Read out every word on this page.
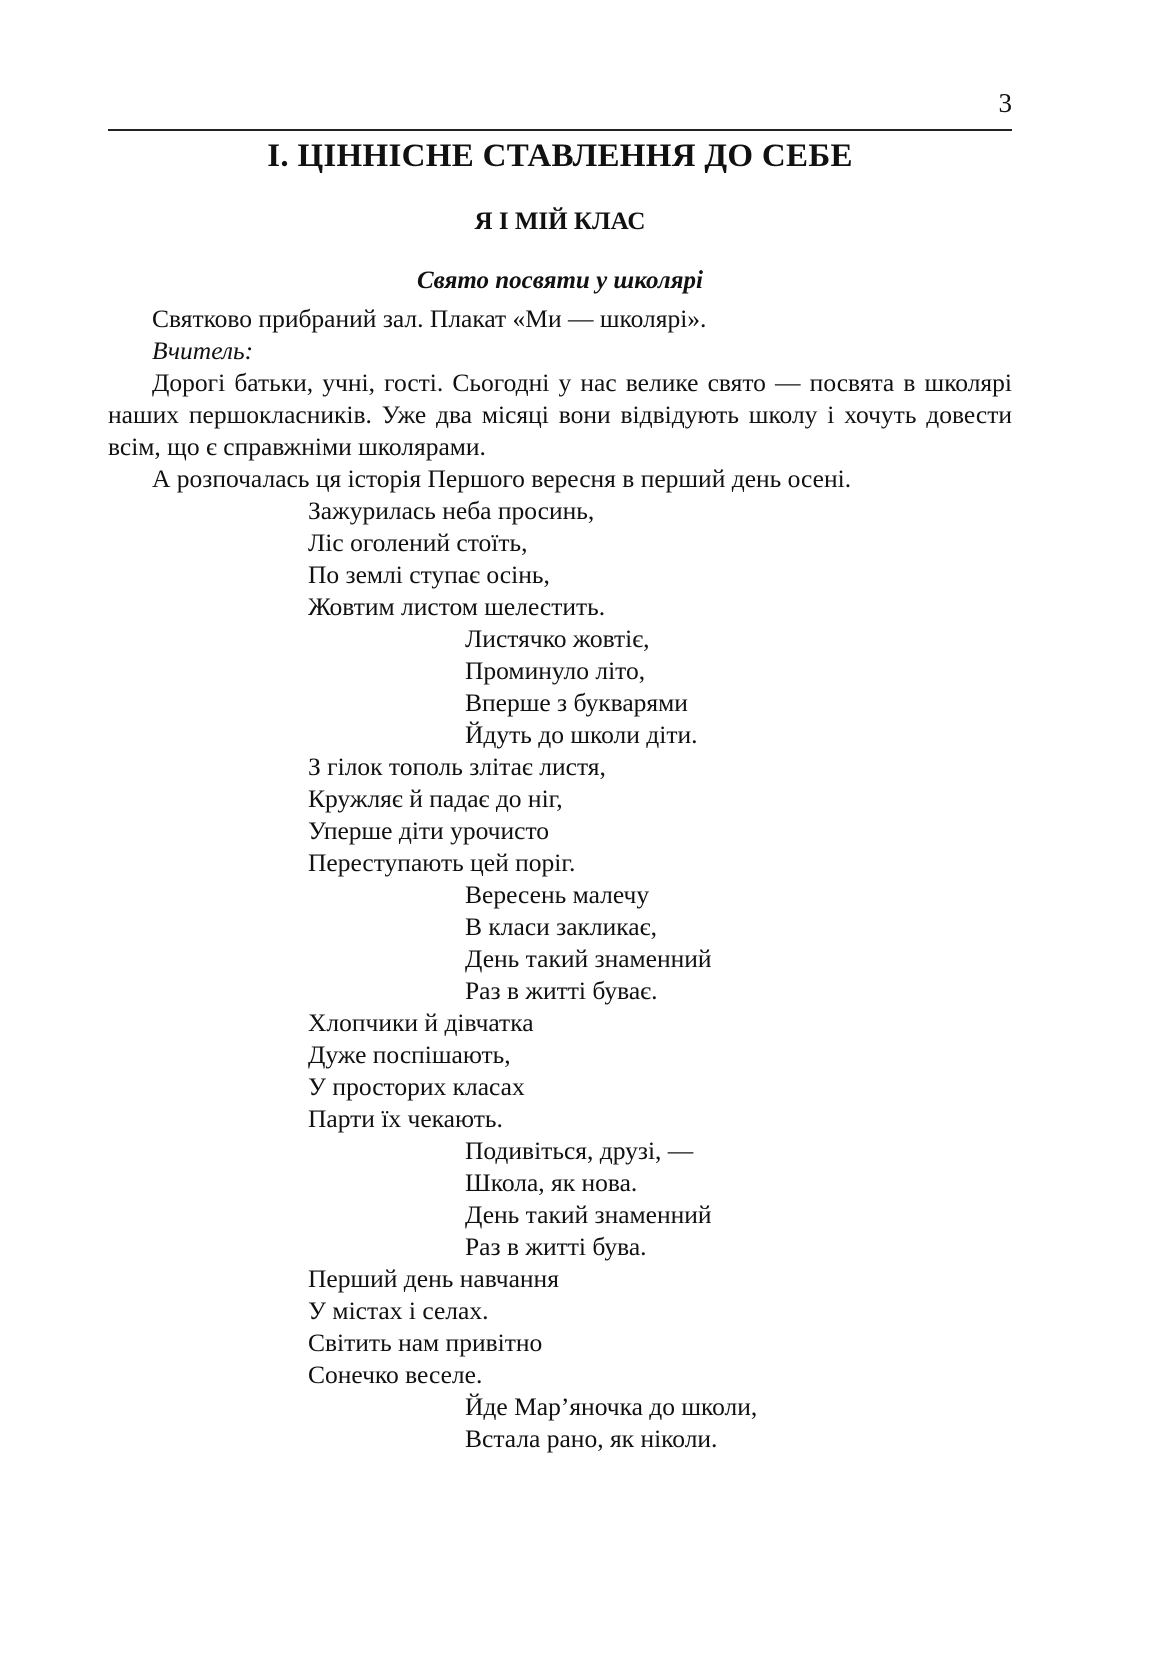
3
I. ЦІННІСНЕ СТАВЛЕННЯ ДО СЕБЕ
Я І МІЙ КЛАС
Свято посвяти у школярі

Святково прибраний зал. Плакат «Ми — школярі».

Вчитель:

Дорогі батьки, учні, гості. Сьогодні у нас велике свято — посвята в школярі наших першокласників. Уже два місяці вони відвідують школу і хочуть довести всім, що є справжніми школярами.

А розпочалась ця історія Першого вересня в перший день осені.

Зажурилась неба просинь,

Ліс оголений стоїть,

По землі ступає осінь,

Жовтим листом шелестить.

Листячко жовтіє,

Проминуло літо,

Вперше з букварями

Йдуть до школи діти.

З гілок тополь злітає листя,

Кружляє й падає до ніг,

Уперше діти урочисто

Переступають цей поріг.

Вересень малечу

В класи закликає,

День такий знаменний

Раз в житті буває.

Хлопчики й дівчатка

Дуже поспішають,

У просторих класах

Парти їх чекають.

Подивіться, друзі, —

Школа, як нова.

День такий знаменний

Раз в житті бува.

Перший день навчання

У містах і селах.

Світить нам привітно

Сонечко веселе.

Йде Мар’яночка до школи,

Встала рано, як ніколи.
